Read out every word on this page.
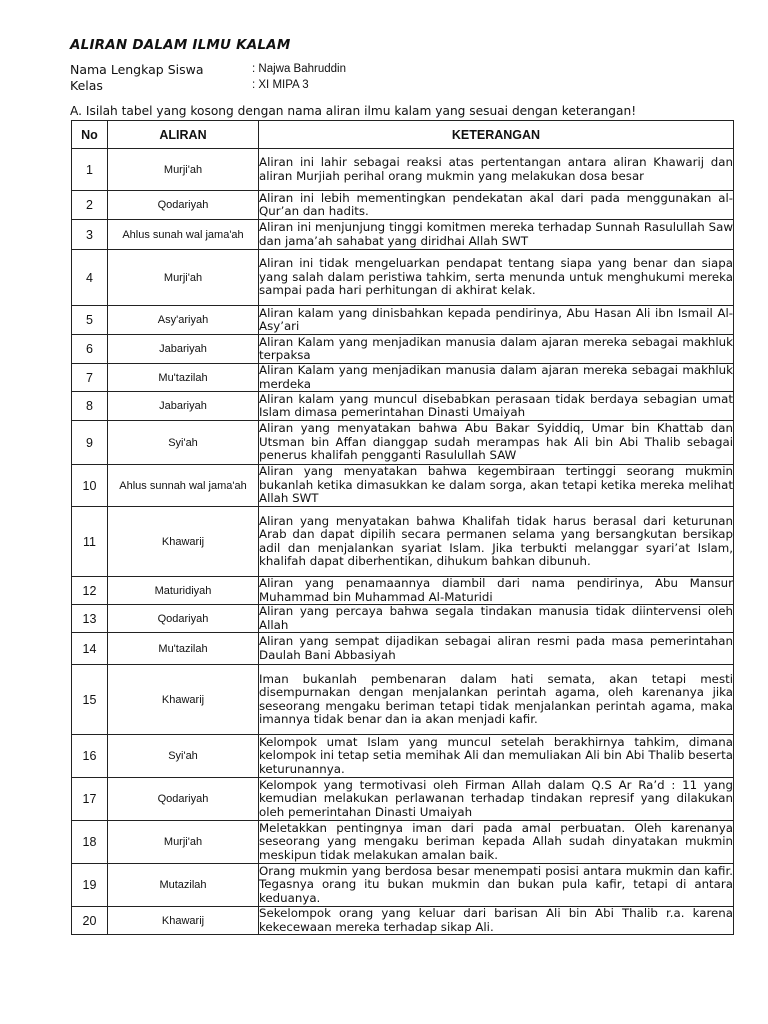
ALIRAN DALAM ILMU KALAM
Nama Lengkap Siswa	: Najwa Bahruddin
Kelas	: XI MIPA 3
A. Isilah tabel yang kosong dengan nama aliran ilmu kalam yang sesuai dengan keterangan!
No	ALIRAN	KETERANGAN
1	Murji'ah	Aliran ini lahir sebagai reaksi atas pertentangan antara aliran Khawarij dan aliran Murjiah perihal orang mukmin yang melakukan dosa besar
2	Qodariyah	Aliran ini lebih mementingkan pendekatan akal dari pada menggunakan al-Qur’an dan hadits.
3	Ahlus sunah wal jama'ah	Aliran ini menjunjung tinggi komitmen mereka terhadap Sunnah Rasulullah Saw dan jama’ah sahabat yang diridhai Allah SWT
4	Murji'ah	Aliran ini tidak mengeluarkan pendapat tentang siapa yang benar dan siapa yang salah dalam peristiwa tahkim, serta menunda untuk menghukumi mereka sampai pada hari perhitungan di akhirat kelak.
5	Asy'ariyah	Aliran kalam yang dinisbahkan kepada pendirinya, Abu Hasan Ali ibn Ismail Al-Asy’ari
6	Jabariyah	Aliran Kalam yang menjadikan manusia dalam ajaran mereka sebagai makhluk terpaksa
7	Mu'tazilah	Aliran Kalam yang menjadikan manusia dalam ajaran mereka sebagai makhluk merdeka
8	Jabariyah	Aliran kalam yang muncul disebabkan perasaan tidak berdaya sebagian umat Islam dimasa pemerintahan Dinasti Umaiyah
9	Syi'ah	Aliran yang menyatakan bahwa Abu Bakar Syiddiq, Umar bin Khattab dan Utsman bin Affan dianggap sudah merampas hak Ali bin Abi Thalib sebagai penerus khalifah pengganti Rasulullah SAW
10	Ahlus sunnah wal jama'ah	Aliran yang menyatakan bahwa kegembiraan tertinggi seorang mukmin bukanlah ketika dimasukkan ke dalam sorga, akan tetapi ketika mereka melihat Allah SWT
11	Khawarij	Aliran yang menyatakan bahwa Khalifah tidak harus berasal dari keturunan Arab dan dapat dipilih secara permanen selama yang bersangkutan bersikap adil dan menjalankan syariat Islam. Jika terbukti melanggar syari’at Islam, khalifah dapat diberhentikan, dihukum bahkan dibunuh.
12	Maturidiyah	Aliran yang penamaannya diambil dari nama pendirinya, Abu Mansur Muhammad bin Muhammad Al-Maturidi
13	Qodariyah	Aliran yang percaya bahwa segala tindakan manusia tidak diintervensi oleh Allah
14	Mu'tazilah	Aliran yang sempat dijadikan sebagai aliran resmi pada masa pemerintahan Daulah Bani Abbasiyah
15	Khawarij	Iman bukanlah pembenaran dalam hati semata, akan tetapi mesti disempurnakan dengan menjalankan perintah agama, oleh karenanya jika seseorang mengaku beriman tetapi tidak menjalankan perintah agama, maka imannya tidak benar dan ia akan menjadi kafir.
16	Syi'ah	Kelompok umat Islam yang muncul setelah berakhirnya tahkim, dimana kelompok ini tetap setia memihak Ali dan memuliakan Ali bin Abi Thalib beserta keturunannya.
17	Qodariyah	Kelompok yang termotivasi oleh Firman Allah dalam Q.S Ar Ra’d : 11 yang kemudian melakukan perlawanan terhadap tindakan represif yang dilakukan oleh pemerintahan Dinasti Umaiyah
18	Murji'ah	Meletakkan pentingnya iman dari pada amal perbuatan. Oleh karenanya seseorang yang mengaku beriman kepada Allah sudah dinyatakan mukmin meskipun tidak melakukan amalan baik.
19	Mutazilah	Orang mukmin yang berdosa besar menempati posisi antara mukmin dan kafir. Tegasnya orang itu bukan mukmin dan bukan pula kafir, tetapi di antara keduanya.
20	Khawarij	Sekelompok orang yang keluar dari barisan Ali bin Abi Thalib r.a. karena kekecewaan mereka terhadap sikap Ali.
